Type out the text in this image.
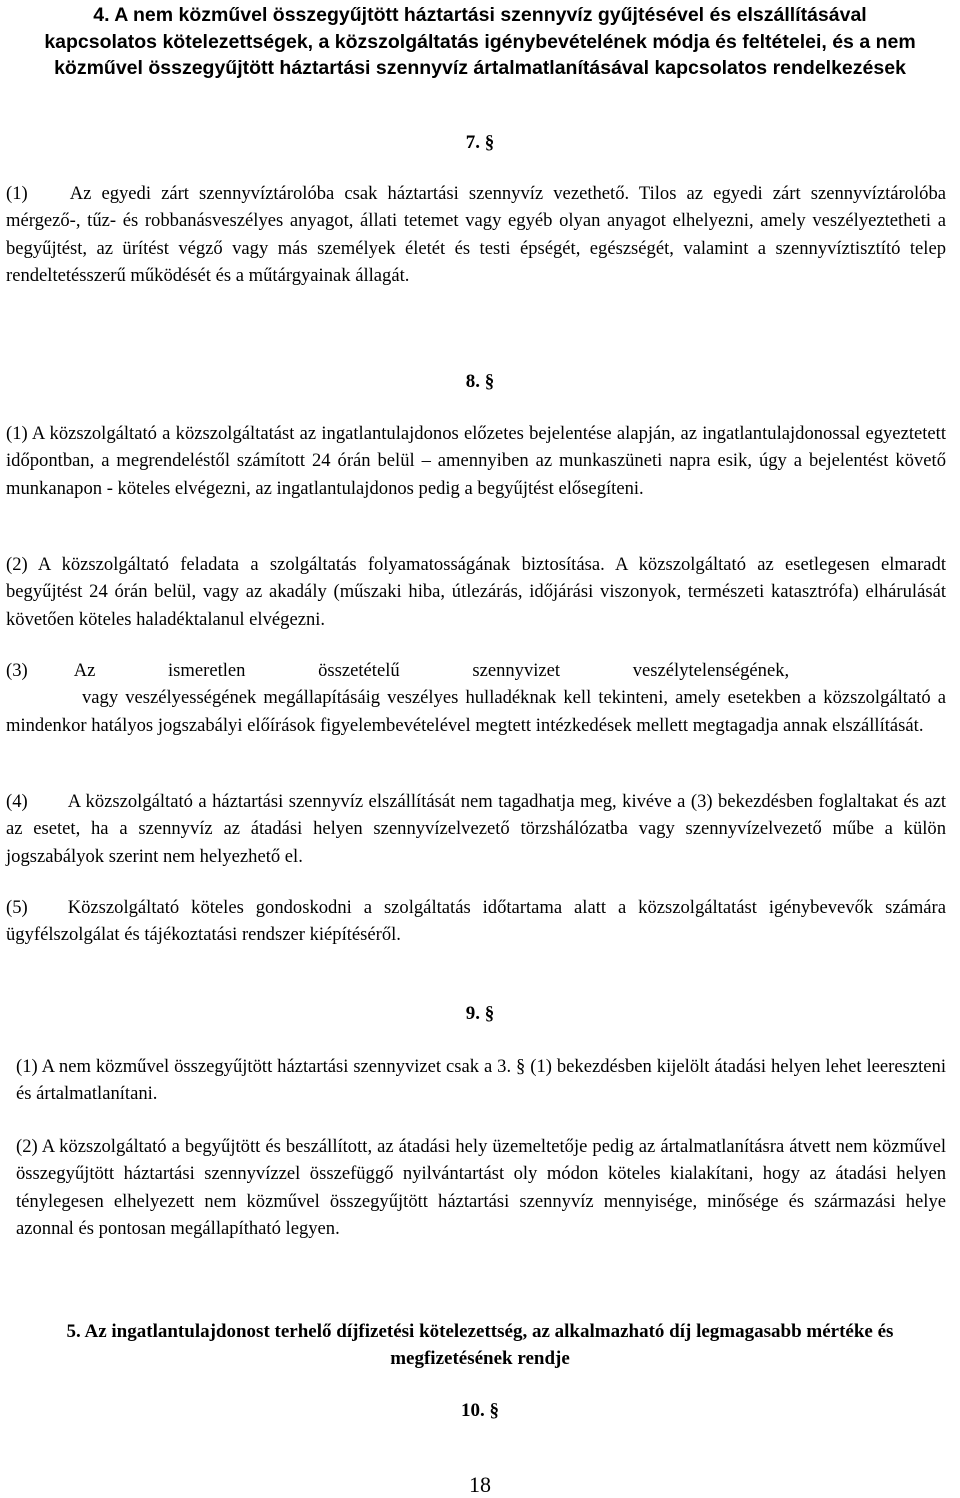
4. A nem közművel összegyűjtött háztartási szennyvíz gyűjtésével és elszállításával kapcsolatos kötelezettségek, a közszolgáltatás igénybevételének módja és feltételei, és a nem közművel összegyűjtött háztartási szennyvíz ártalmatlanításával kapcsolatos rendelkezések
7. §
(1) Az egyedi zárt szennyvíztárolóba csak háztartási szennyvíz vezethető. Tilos az egyedi zárt szennyvíztárolóba mérgező-, tűz- és robbanásveszélyes anyagot, állati tetemet vagy egyéb olyan anyagot elhelyezni, amely veszélyeztetheti a begyűjtést, az ürítést végző vagy más személyek életét és testi épségét, egészségét, valamint a szennyvíztisztító telep rendeltetésszerű működését és a műtárgyainak állagát.
8. §
(1) A közszolgáltató a közszolgáltatást az ingatlantulajdonos előzetes bejelentése alapján, az ingatlantulajdonossal egyeztetett időpontban, a megrendeléstől számított 24 órán belül – amennyiben az munkaszüneti napra esik, úgy a bejelentést követő munkanapon - köteles elvégezni, az ingatlantulajdonos pedig a begyűjtést elősegíteni.
(2) A közszolgáltató feladata a szolgáltatás folyamatosságának biztosítása. A közszolgáltató az esetlegesen elmaradt begyűjtést 24 órán belül, vagy az akadály (műszaki hiba, útlezárás, időjárási viszonyok, természeti katasztrófa) elhárulását követően köteles haladéktalanul elvégezni.
(3) Az ismeretlen összetételű szennyvizet veszélytelenségének,
vagy veszélyességének megállapításáig veszélyes hulladéknak kell tekinteni, amely esetekben a közszolgáltató a mindenkor hatályos jogszabályi előírások figyelembevételével megtett intézkedések mellett megtagadja annak elszállítását.
(4) A közszolgáltató a háztartási szennyvíz elszállítását nem tagadhatja meg, kivéve a (3) bekezdésben foglaltakat és azt az esetet, ha a szennyvíz az átadási helyen szennyvízelvezető törzshálózatba vagy szennyvízelvezető műbe a külön jogszabályok szerint nem helyezhető el.
(5) Közszolgáltató köteles gondoskodni a szolgáltatás időtartama alatt a közszolgáltatást igénybevevők számára ügyfélszolgálat és tájékoztatási rendszer kiépítéséről.
9. §
(1) A nem közművel összegyűjtött háztartási szennyvizet csak a 3. § (1) bekezdésben kijelölt átadási helyen lehet leereszteni és ártalmatlanítani.
(2) A közszolgáltató a begyűjtött és beszállított, az átadási hely üzemeltetője pedig az ártalmatlanításra átvett nem közművel összegyűjtött háztartási szennyvízzel összefüggő nyilvántartást oly módon köteles kialakítani, hogy az átadási helyen ténylegesen elhelyezett nem közművel összegyűjtött háztartási szennyvíz mennyisége, minősége és származási helye azonnal és pontosan megállapítható legyen.
5. Az ingatlantulajdonost terhelő díjfizetési kötelezettség, az alkalmazható díj legmagasabb mértéke és megfizetésének rendje
10. §
18
